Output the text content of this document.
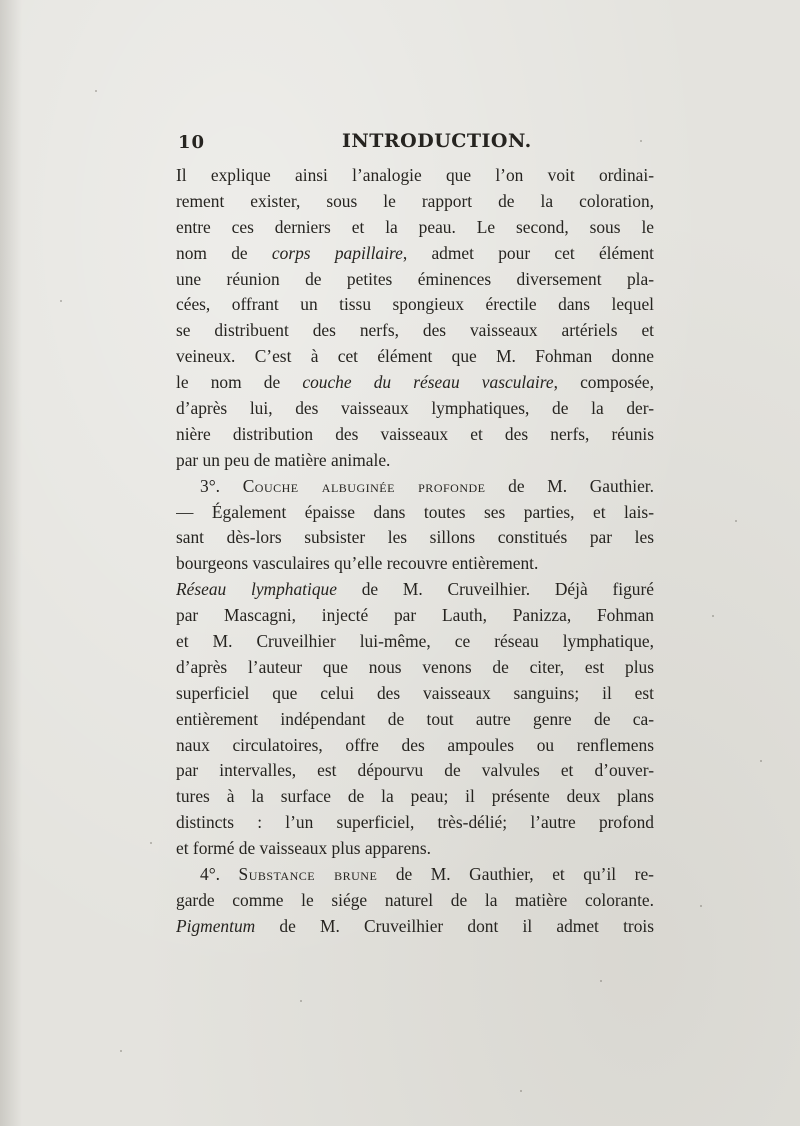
10	INTRODUCTION.
Il explique ainsi l’analogie que l’on voit ordinai-
rement exister, sous le rapport de la coloration,
entre ces derniers et la peau. Le second, sous le
nom de corps papillaire, admet pour cet élément
une réunion de petites éminences diversement pla-
cées, offrant un tissu spongieux érectile dans lequel
se distribuent des nerfs, des vaisseaux artériels et
veineux. C’est à cet élément que M. Fohman donne
le nom de couche du réseau vasculaire, composée,
d’après lui, des vaisseaux lymphatiques, de la der-
nière distribution des vaisseaux et des nerfs, réunis
par un peu de matière animale.
3°. Couche albuginée profonde de M. Gauthier.
— Également épaisse dans toutes ses parties, et lais-
sant dès-lors subsister les sillons constitués par les
bourgeons vasculaires qu’elle recouvre entièrement.
Réseau lymphatique de M. Cruveilhier. Déjà figuré
par Mascagni, injecté par Lauth, Panizza, Fohman
et M. Cruveilhier lui-même, ce réseau lymphatique,
d’après l’auteur que nous venons de citer, est plus
superficiel que celui des vaisseaux sanguins; il est
entièrement indépendant de tout autre genre de ca-
naux circulatoires, offre des ampoules ou renflemens
par intervalles, est dépourvu de valvules et d’ouver-
tures à la surface de la peau; il présente deux plans
distincts : l’un superficiel, très-délié; l’autre profond
et formé de vaisseaux plus apparens.
4°. Substance brune de M. Gauthier, et qu’il re-
garde comme le siége naturel de la matière colorante.
Pigmentum de M. Cruveilhier dont il admet trois
